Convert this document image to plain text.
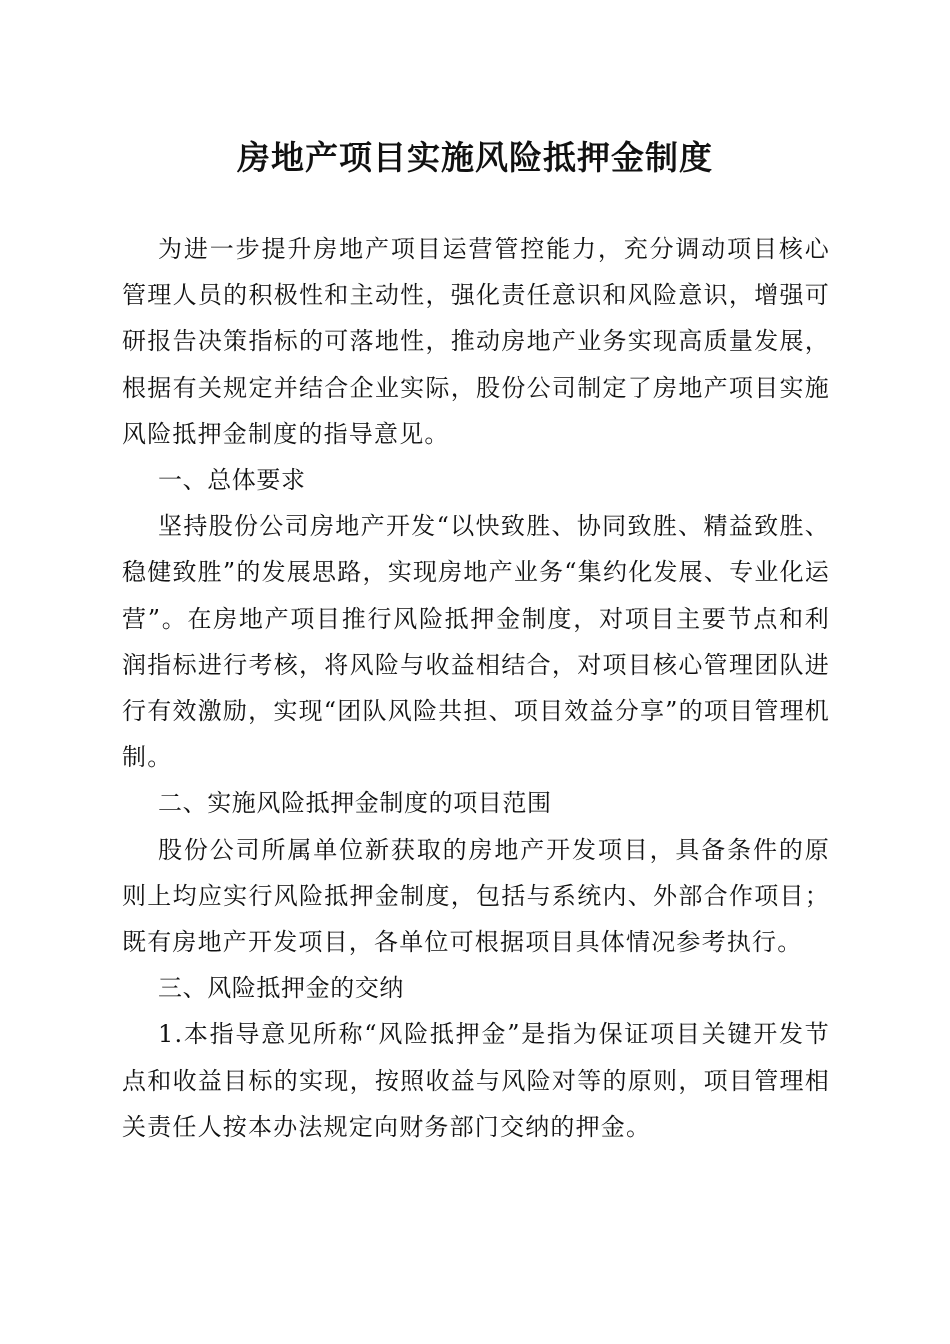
房地产项目实施风险抵押金制度

为进一步提升房地产项目运营管控能力，充分调动项目核心管理人员的积极性和主动性，强化责任意识和风险意识，增强可研报告决策指标的可落地性，推动房地产业务实现高质量发展，根据有关规定并结合企业实际，股份公司制定了房地产项目实施风险抵押金制度的指导意见。

一、总体要求

坚持股份公司房地产开发“以快致胜、协同致胜、精益致胜、稳健致胜”的发展思路，实现房地产业务“集约化发展、专业化运营”。在房地产项目推行风险抵押金制度，对项目主要节点和利润指标进行考核，将风险与收益相结合，对项目核心管理团队进行有效激励，实现“团队风险共担、项目效益分享”的项目管理机制。

二、实施风险抵押金制度的项目范围

股份公司所属单位新获取的房地产开发项目，具备条件的原则上均应实行风险抵押金制度，包括与系统内、外部合作项目；既有房地产开发项目，各单位可根据项目具体情况参考执行。

三、风险抵押金的交纳

1.本指导意见所称“风险抵押金”是指为保证项目关键开发节点和收益目标的实现，按照收益与风险对等的原则，项目管理相关责任人按本办法规定向财务部门交纳的押金。
